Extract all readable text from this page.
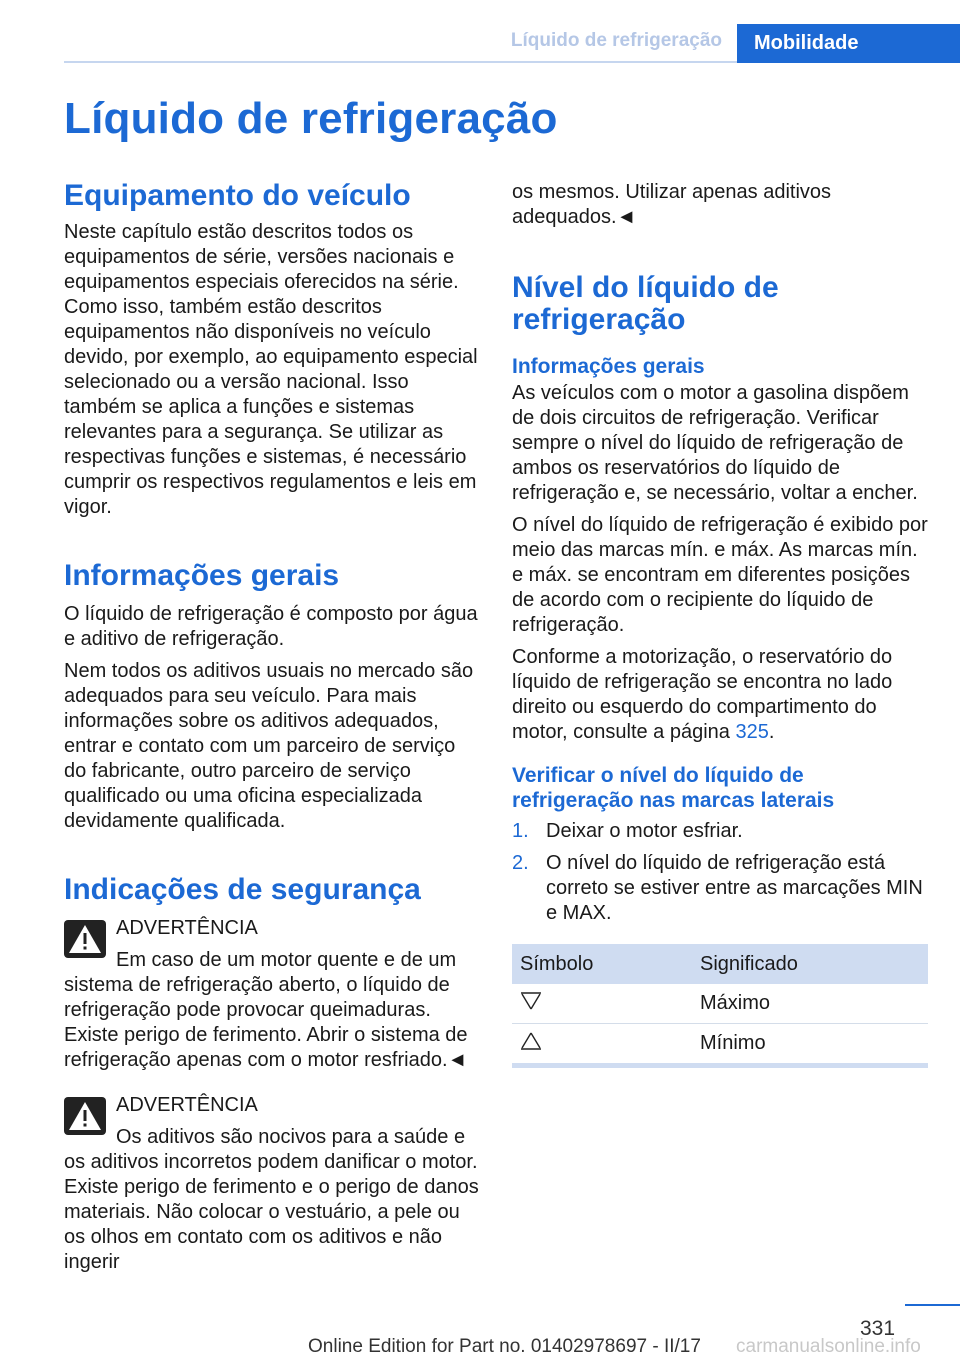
Líquido de refrigeração	Mobilidade
Líquido de refrigeração
Equipamento do veículo

Neste capítulo estão descritos todos os equipamentos de série, versões nacionais e equipamentos especiais oferecidos na série. Como isso, também estão descritos equipamentos não disponíveis no veículo devido, por exemplo, ao equipamento especial selecionado ou a versão nacional. Isso também se aplica a funções e sistemas relevantes para a segurança. Se utilizar as respectivas funções e sistemas, é necessário cumprir os respectivos regulamentos e leis em vigor.

Informações gerais

O líquido de refrigeração é composto por água e aditivo de refrigeração.

Nem todos os aditivos usuais no mercado são adequados para seu veículo. Para mais informações sobre os aditivos adequados, entrar e contato com um parceiro de serviço do fabricante, outro parceiro de serviço qualificado ou uma oficina especializada devidamente qualificada.

Indicações de segurança

ADVERTÊNCIA

Em caso de um motor quente e de um
sistema de refrigeração aberto, o líquido de refrigeração pode provocar queimaduras. Existe perigo de ferimento. Abrir o sistema de refrigeração apenas com o motor resfriado.◄

ADVERTÊNCIA

Os aditivos são nocivos para a saúde e
os aditivos incorretos podem danificar o motor. Existe perigo de ferimento e o perigo de danos materiais. Não colocar o vestuário, a pele ou os olhos em contato com os aditivos e não ingerir

os mesmos. Utilizar apenas aditivos adequados.◄

Nível do líquido de refrigeração
Informações gerais

As veículos com o motor a gasolina dispõem de dois circuitos de refrigeração. Verificar sempre o nível do líquido de refrigeração de ambos os reservatórios do líquido de refrigeração e, se necessário, voltar a encher.

O nível do líquido de refrigeração é exibido por meio das marcas mín. e máx. As marcas mín. e máx. se encontram em diferentes posições de acordo com o recipiente do líquido de refrigeração.

Conforme a motorização, o reservatório do líquido de refrigeração se encontra no lado direito ou esquerdo do compartimento do motor, consulte a página 325.

Verificar o nível do líquido de refrigeração nas marcas laterais
1. Deixar o motor esfriar.
2. O nível do líquido de refrigeração está correto se estiver entre as marcações MIN e MAX.
Símbolo	Significado
	Máximo
	Mínimo
331
Online Edition for Part no. 01402978697 - II/17 carmanualsonline.info
